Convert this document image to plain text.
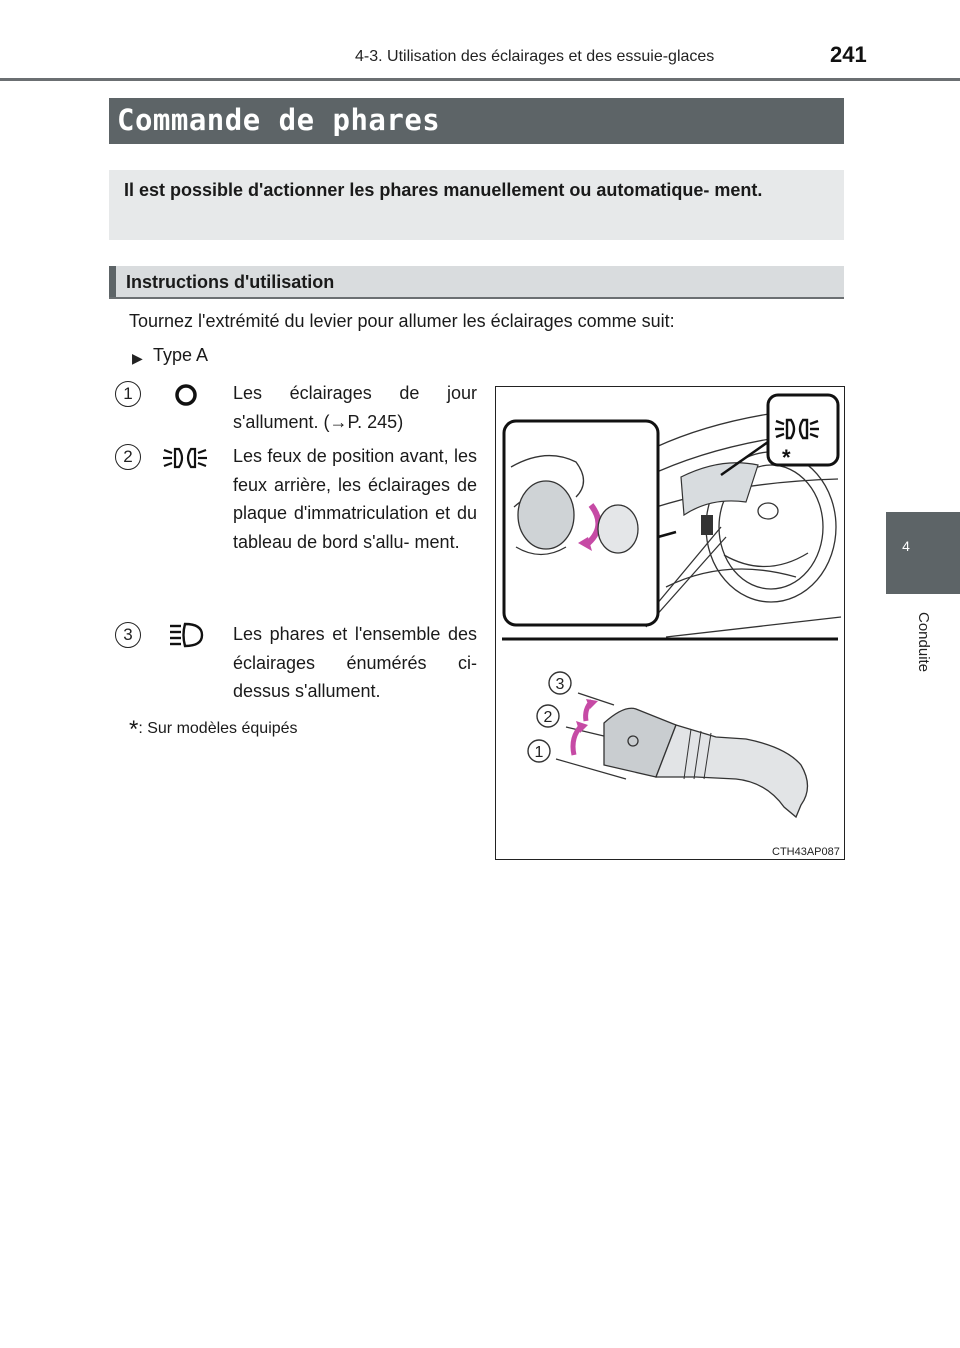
4-3. Utilisation des éclairages et des essuie-glaces	241
4
Conduite
Commande de phares
Il est possible d'actionner les phares manuellement ou automatique- ment.
Instructions d'utilisation
Tournez l'extrémité du levier pour allumer les éclairages comme suit:
▶ Type A
1	Les éclairages de jour s'allument. (→P. 245)
2	Les feux de position avant, les feux arrière, les éclairages de plaque d'immatriculation et du tableau de bord s'allu- ment.
3	Les phares et l'ensemble des éclairages énumérés ci-dessus s'allument.
*: Sur modèles équipés
*
3
2
1
CTH43AP087
